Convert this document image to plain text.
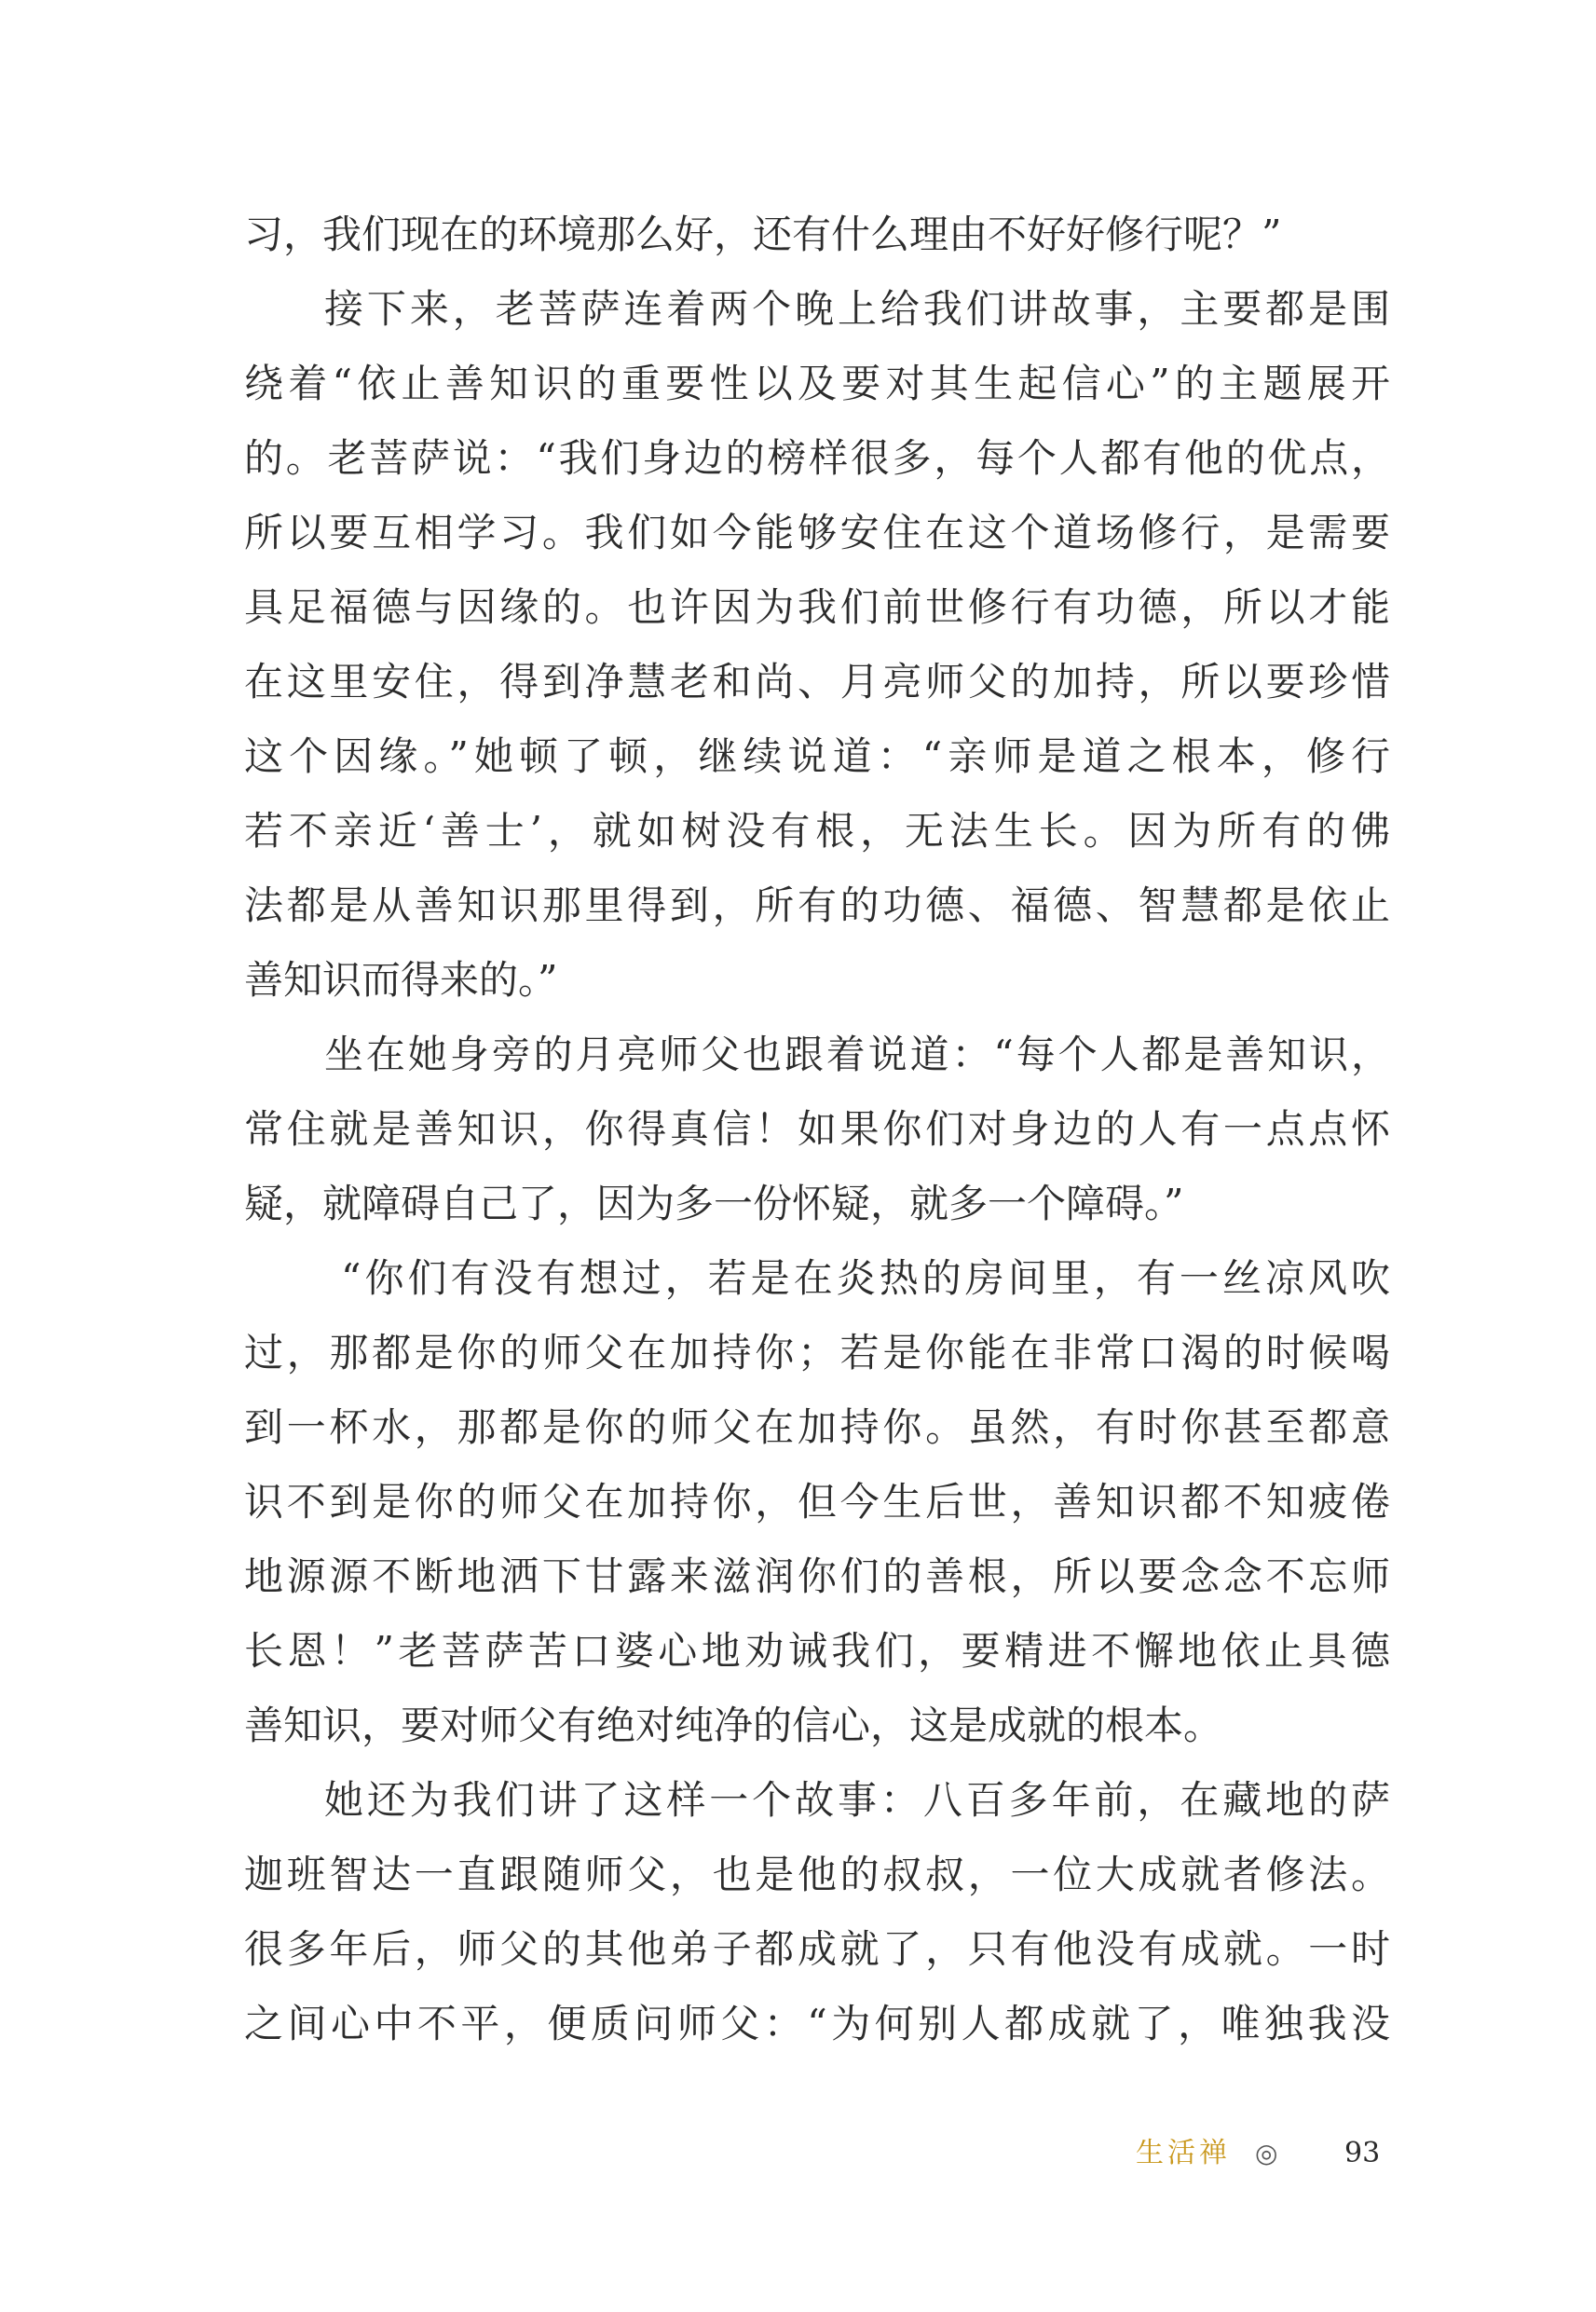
习，我们现在的环境那么好，还有什么理由不好好修行呢？”
接下来，老菩萨连着两个晚上给我们讲故事，主要都是围
绕着“依止善知识的重要性以及要对其生起信心”的主题展开
的。老菩萨说：“我们身边的榜样很多，每个人都有他的优点，
所以要互相学习。我们如今能够安住在这个道场修行，是需要
具足福德与因缘的。也许因为我们前世修行有功德，所以才能
在这里安住，得到净慧老和尚、月亮师父的加持，所以要珍惜
这个因缘。”她顿了顿，继续说道：“亲师是道之根本，修行
若不亲近‘善士’，就如树没有根，无法生长。因为所有的佛
法都是从善知识那里得到，所有的功德、福德、智慧都是依止
善知识而得来的。”
坐在她身旁的月亮师父也跟着说道：“每个人都是善知识，
常住就是善知识，你得真信！如果你们对身边的人有一点点怀
疑，就障碍自己了，因为多一份怀疑，就多一个障碍。”
“你们有没有想过，若是在炎热的房间里，有一丝凉风吹
过，那都是你的师父在加持你；若是你能在非常口渴的时候喝
到一杯水，那都是你的师父在加持你。虽然，有时你甚至都意
识不到是你的师父在加持你，但今生后世，善知识都不知疲倦
地源源不断地洒下甘露来滋润你们的善根，所以要念念不忘师
长恩！”老菩萨苦口婆心地劝诫我们，要精进不懈地依止具德
善知识，要对师父有绝对纯净的信心，这是成就的根本。
她还为我们讲了这样一个故事：八百多年前，在藏地的萨
迦班智达一直跟随师父，也是他的叔叔，一位大成就者修法。
很多年后，师父的其他弟子都成就了，只有他没有成就。一时
之间心中不平，便质问师父：“为何别人都成就了，唯独我没
生活禅 ◎ 93
